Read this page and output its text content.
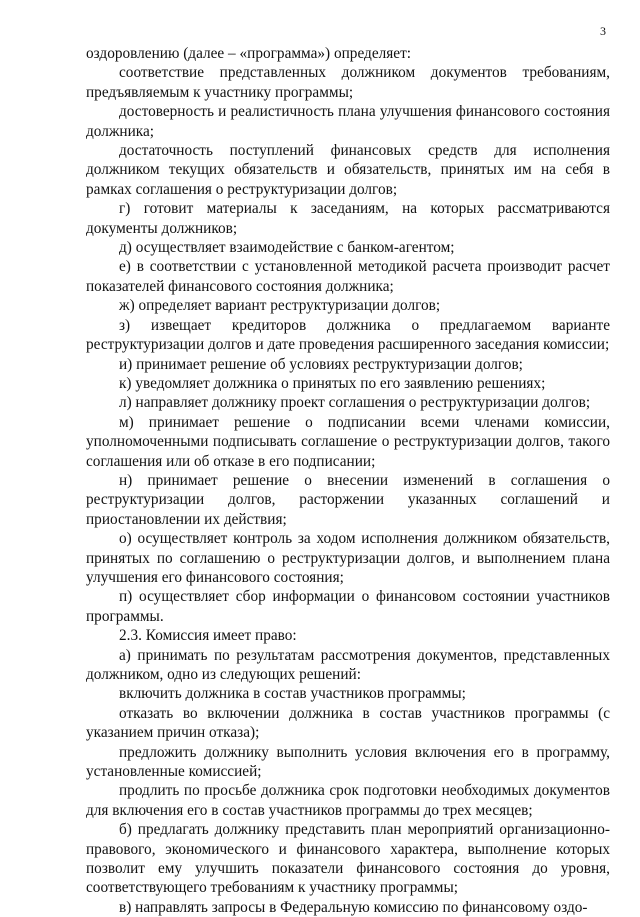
3

оздоровлению (далее – «программа») определяет:

соответствие представленных должником документов требованиям, предъявляемым к участнику программы;

достоверность и реалистичность плана улучшения финансового состояния должника;

достаточность поступлений финансовых средств для исполнения должником текущих обязательств и обязательств, принятых им на себя в рамках соглашения о реструктуризации долгов;

г) готовит материалы к заседаниям, на которых рассматриваются документы должников;

д) осуществляет взаимодействие с банком-агентом;

е) в соответствии с установленной методикой расчета производит расчет показателей финансового состояния должника;

ж) определяет вариант реструктуризации долгов;

з) извещает кредиторов должника о предлагаемом варианте реструктуризации долгов и дате проведения расширенного заседания комиссии;

и) принимает решение об условиях реструктуризации долгов;

к) уведомляет должника о принятых по его заявлению решениях;

л) направляет должнику проект соглашения о реструктуризации долгов;

м) принимает решение о подписании всеми членами комиссии, уполномоченными подписывать соглашение о реструктуризации долгов, такого соглашения или об отказе в его подписании;

н) принимает решение о внесении изменений в соглашения о реструктуризации долгов, расторжении указанных соглашений и приостановлении их действия;

о) осуществляет контроль за ходом исполнения должником обязательств, принятых по соглашению о реструктуризации долгов, и выполнением плана улучшения его финансового состояния;

п) осуществляет сбор информации о финансовом состоянии участников программы.

2.3. Комиссия имеет право:

а) принимать по результатам рассмотрения документов, представленных должником, одно из следующих решений:

включить должника в состав участников программы;

отказать во включении должника в состав участников программы (с указанием причин отказа);

предложить должнику выполнить условия включения его в программу, установленные комиссией;

продлить по просьбе должника срок подготовки необходимых документов для включения его в состав участников программы до трех месяцев;

б) предлагать должнику представить план мероприятий организационно-правового, экономического и финансового характера, выполнение которых позволит ему улучшить показатели финансового состояния до уровня, соответствующего требованиям к участнику программы;

в) направлять запросы в Федеральную комиссию по финансовому оздо-
